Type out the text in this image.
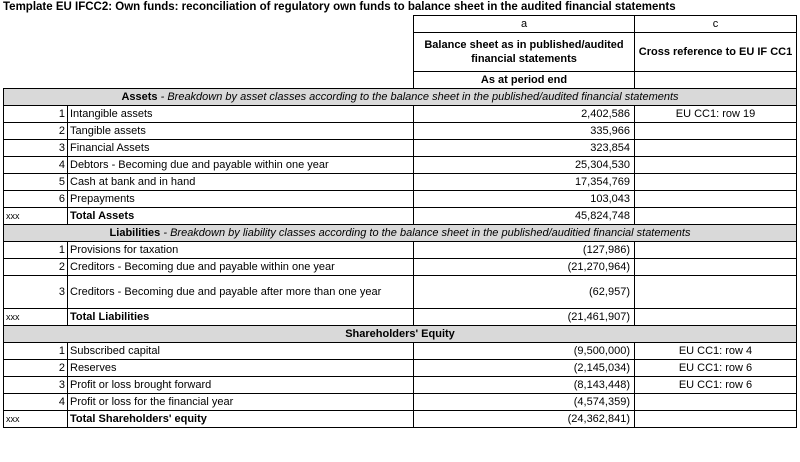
Template EU IFCC2: Own funds: reconciliation of regulatory own funds to balance sheet in the audited financial statements
		a	c
		Balance sheet as in published/audited financial statements	Cross reference to EU IF CC1
		As at period end	
Assets - Breakdown by asset classes according to the balance sheet in the published/audited financial statements			
1	Intangible assets	2,402,586	EU CC1: row 19
2	Tangible assets	335,966	
3	Financial Assets	323,854	
4	Debtors - Becoming due and payable within one year	25,304,530	
5	Cash at bank and in hand	17,354,769	
6	Prepayments	103,043	
xxx	Total Assets	45,824,748	
Liabilities - Breakdown by liability classes according to the balance sheet in the published/auditied financial statements			
1	Provisions for taxation	(127,986)	
2	Creditors - Becoming due and payable within one year	(21,270,964)	
3	Creditors - Becoming due and payable after more than one year	(62,957)	
xxx	Total Liabilities	(21,461,907)	
Shareholders' Equity			
1	Subscribed capital	(9,500,000)	EU CC1: row 4
2	Reserves	(2,145,034)	EU CC1: row 6
3	Profit or loss brought forward	(8,143,448)	EU CC1: row 6
4	Profit or loss for the financial year	(4,574,359)	
xxx	Total Shareholders' equity	(24,362,841)	
